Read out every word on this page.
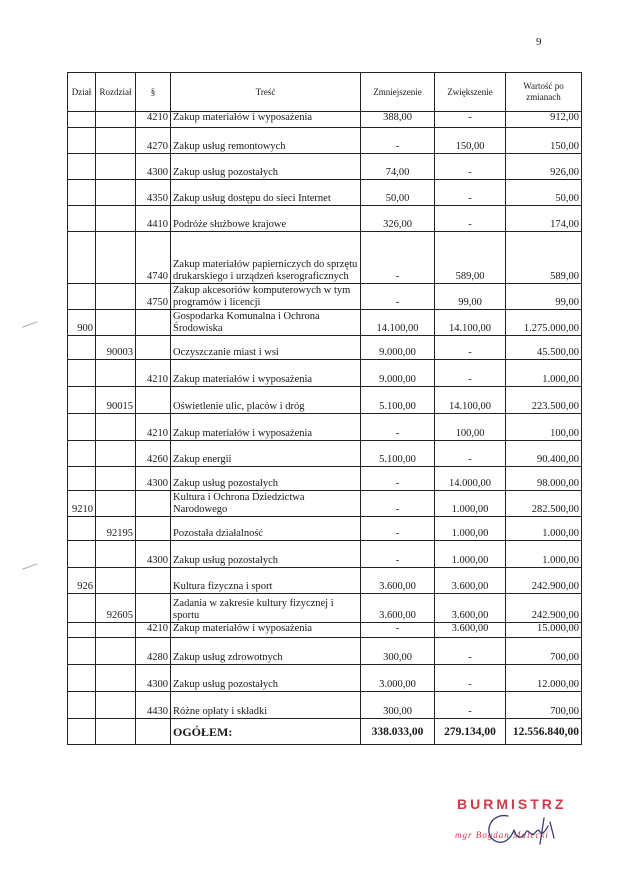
9
Dział	Rozdział	§	Treść	Zmniejszenie	Zwiększenie	Wartość po zmianach
		4210	Zakup materiałów i wyposażenia	388,00	-	912,00
		4270	Zakup usług remontowych	-	150,00	150,00
		4300	Zakup usług pozostałych	74,00	-	926,00
		4350	Zakup usług dostępu do sieci Internet	50,00	-	50,00
		4410	Podróże służbowe krajowe	326,00	-	174,00
		4740	Zakup materiałów papierniczych do sprzętu drukarskiego i urządzeń kserograficznych	-	589,00	589,00
		4750	Zakup akcesoriów komputerowych w tym programów i licencji	-	99,00	99,00
900			Gospodarka Komunalna i Ochrona Środowiska	14.100,00	14.100,00	1.275.000,00
	90003		Oczyszczanie miast i wsi	9.000,00	-	45.500,00
		4210	Zakup materiałów i wyposażenia	9.000,00	-	1.000,00
	90015		Oświetlenie ulic, placów i dróg	5.100,00	14.100,00	223.500,00
		4210	Zakup materiałów i wyposażenia	-	100,00	100,00
		4260	Zakup energii	5.100,00	-	90.400,00
		4300	Zakup usług pozostałych	-	14.000,00	98.000,00
9210			Kultura i Ochrona Dziedzictwa Narodowego	-	1.000,00	282.500,00
	92195		Pozostała działalność	-	1.000,00	1.000,00
		4300	Zakup usług pozostałych	-	1.000,00	1.000,00
926			Kultura fizyczna i sport	3.600,00	3.600,00	242.900,00
	92605		Zadania w zakresie kultury fizycznej i sportu	3.600,00	3.600,00	242.900,00
		4210	Zakup materiałów i wyposażenia	-	3.600,00	15.000,00
		4280	Zakup usług zdrowotnych	300,00	-	700,00
		4300	Zakup usług pozostałych	3.000,00	-	12.000,00
		4430	Różne opłaty i składki	300,00	-	700,00
			OGÓŁEM:	338.033,00	279.134,00	12.556.840,00
BURMISTRZ
mgr Bogdan Malecki
